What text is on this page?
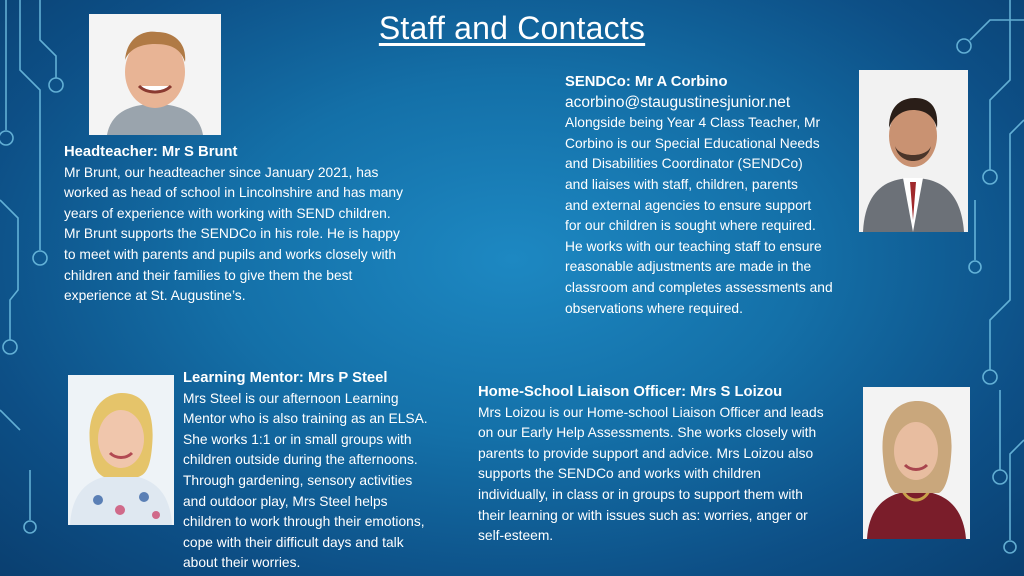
Staff and Contacts

Headteacher: Mr S Brunt

Mr Brunt, our headteacher since January 2021, has

worked as head of school in Lincolnshire and has many

years of experience with working with SEND children.

Mr Brunt supports the SENDCo in his role. He is happy

to meet with parents and pupils and works closely with

children and their families to give them the best

experience at St. Augustine’s.

SENDCo: Mr A Corbino

acorbino@staugustinesjunior.net

Alongside being Year 4 Class Teacher, Mr

Corbino is our Special Educational Needs

and Disabilities Coordinator (SENDCo)

and liaises with staff, children, parents

and external agencies to ensure support

for our children is sought where required.

He works with our teaching staff to ensure

reasonable adjustments are made in the

classroom and completes assessments and

observations where required.

Learning Mentor: Mrs P Steel

Mrs Steel is our afternoon Learning

Mentor who is also training as an ELSA.

She works 1:1 or in small groups with

children outside during the afternoons.

Through gardening, sensory activities

and outdoor play, Mrs Steel helps

children to work through their emotions,

cope with their difficult days and talk

about their worries.

Home-School Liaison Officer: Mrs S Loizou

Mrs Loizou is our Home-school Liaison Officer and leads

on our Early Help Assessments. She works closely with

parents to provide support and advice. Mrs Loizou also

supports the SENDCo and works with children

individually, in class or in groups to support them with

their learning or with issues such as: worries, anger or

self-esteem.
